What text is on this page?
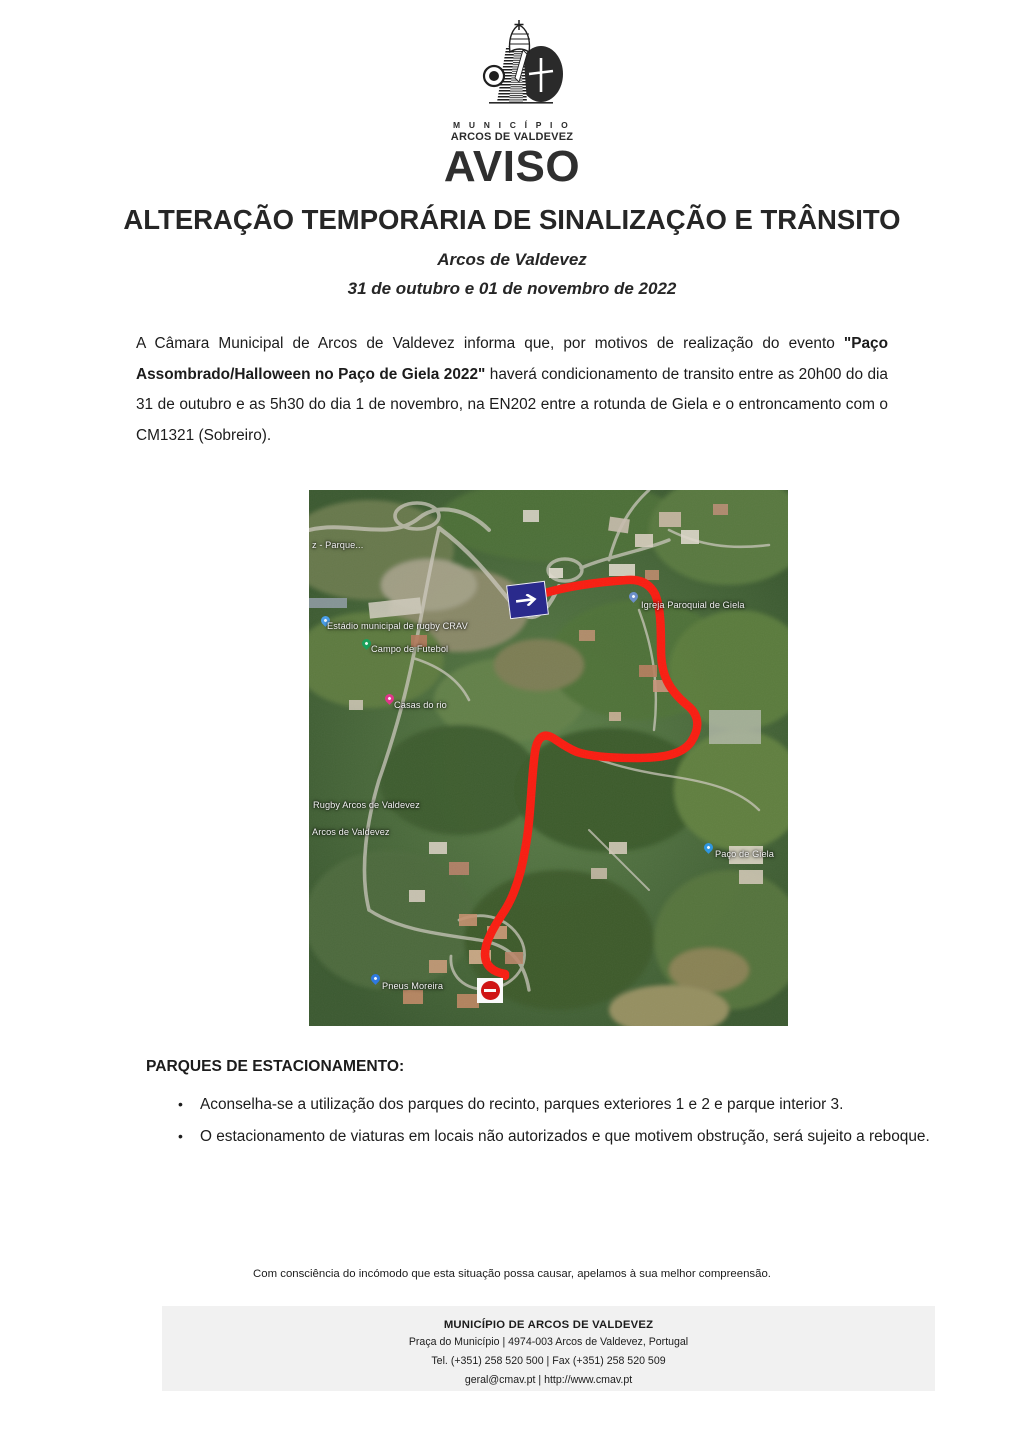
M U N I C Í P I O
ARCOS DE VALDEVEZ
AVISO
ALTERAÇÃO TEMPORÁRIA DE SINALIZAÇÃO E TRÂNSITO
Arcos de Valdevez
31 de outubro e 01 de novembro de 2022

A Câmara Municipal de Arcos de Valdevez informa que, por motivos de realização do evento "Paço Assombrado/Halloween no Paço de Giela 2022" haverá condicionamento de transito entre as 20h00 do dia 31 de outubro e as 5h30 do dia 1 de novembro, na EN202 entre a rotunda de Giela e o entroncamento com o CM1321 (Sobreiro).

z - Parque...
Estádio municipal de rugby CRAV
Campo de Futebol
Casas do rio
Igreja Paroquial de Giela
Rugby Arcos de Valdevez
Arcos de Valdevez
Paço de Giela
Pneus Moreira
PARQUES DE ESTACIONAMENTO:
• Aconselha-se a utilização dos parques do recinto, parques exteriores 1 e 2 e parque interior 3.
• O estacionamento de viaturas em locais não autorizados e que motivem obstrução, será sujeito a reboque.
Com consciência do incómodo que esta situação possa causar, apelamos à sua melhor compreensão.
MUNICÍPIO DE ARCOS DE VALDEVEZ
Praça do Município | 4974-003 Arcos de Valdevez, Portugal
Tel. (+351) 258 520 500 | Fax (+351) 258 520 509
geral@cmav.pt | http://www.cmav.pt
